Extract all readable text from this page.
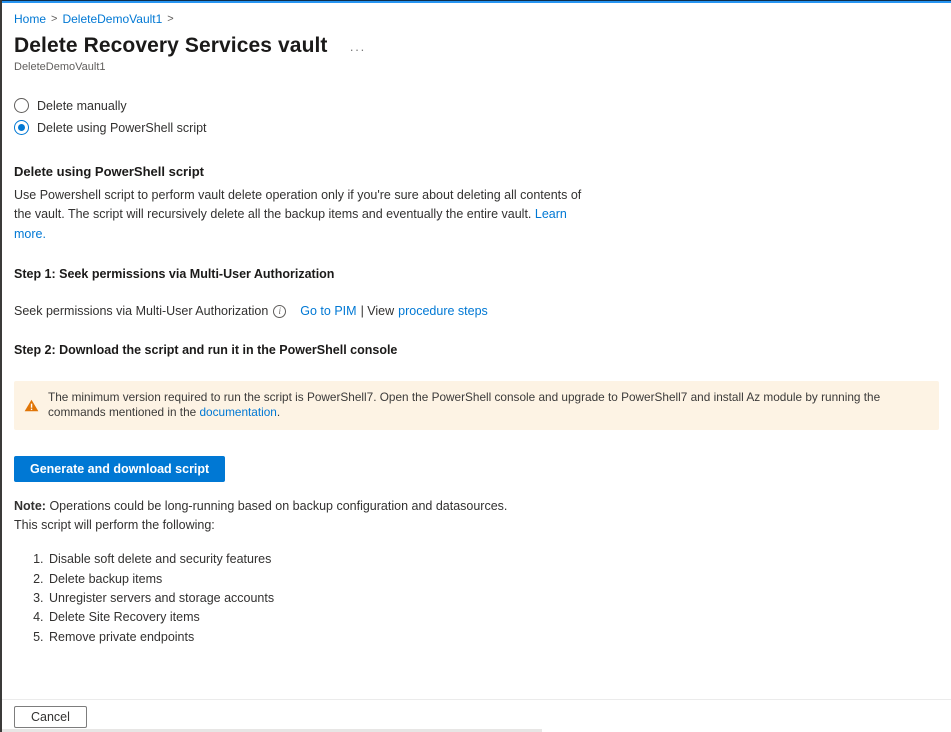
Home > DeleteDemoVault1 >
Delete Recovery Services vault ···
DeleteDemoVault1
Delete manually
Delete using PowerShell script
Delete using PowerShell script
Use Powershell script to perform vault delete operation only if you're sure about deleting all contents of the vault. The script will recursively delete all the backup items and eventually the entire vault. Learn more.
Step 1: Seek permissions via Multi-User Authorization
Seek permissions via Multi-User Authorization	i	Go to PIM | View procedure steps
Step 2: Download the script and run it in the PowerShell console
The minimum version required to run the script is PowerShell7. Open the PowerShell console and upgrade to PowerShell7 and install Az module by running the commands mentioned in the documentation.
Generate and download script
Note: Operations could be long-running based on backup configuration and datasources.
This script will perform the following:
1. Disable soft delete and security features
2. Delete backup items
3. Unregister servers and storage accounts
4. Delete Site Recovery items
5. Remove private endpoints
Cancel
